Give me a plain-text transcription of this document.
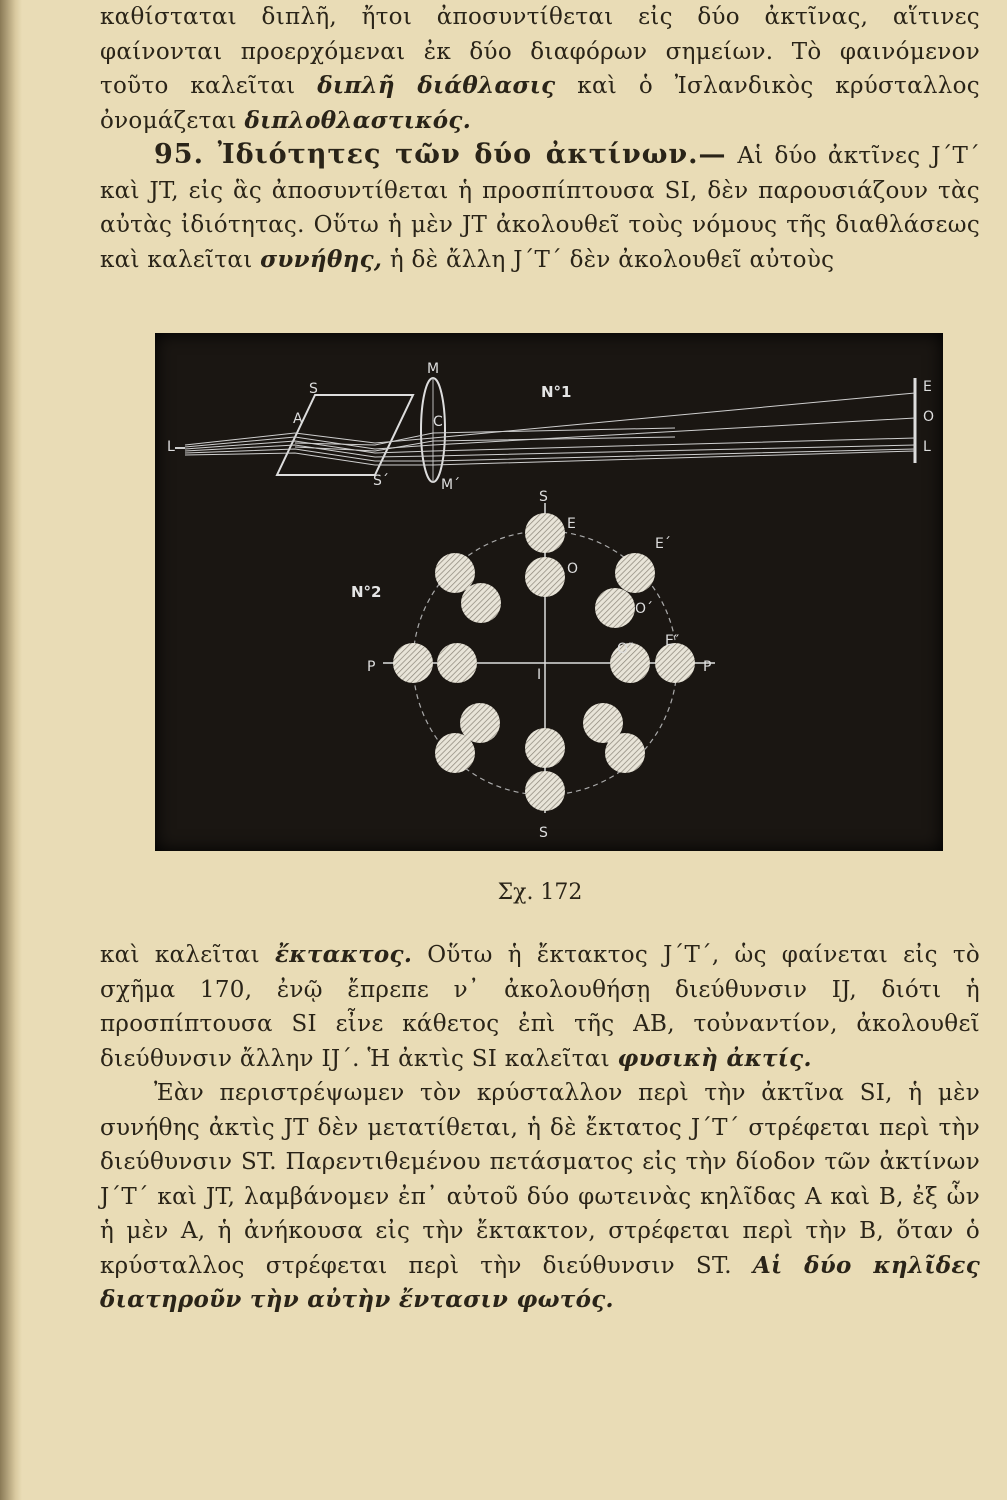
καθίσταται διπλῆ, ἤτοι ἀποσυντίθεται εἰς δύο ἀκτῖνας, αἵτινες φαίνονται προερχόμεναι ἐκ δύο διαφόρων σημείων. Τὸ φαινόμενον τοῦτο καλεῖται διπλῆ διάθλασις καὶ ὁ Ἰσλανδικὸς κρύσταλλος ὀνομάζεται διπλοθλαστικός.

95. Ἰδιότητες τῶν δύο ἀκτίνων.— Αἱ δύο ἀκτῖνες J΄T΄ καὶ JT, εἰς ἃς ἀποσυντίθεται ἡ προσπίπτουσα SI, δὲν παρουσιάζουν τὰς αὐτὰς ἰδιότητας. Οὕτω ἡ μὲν JT ἀκολουθεῖ τοὺς νόμους τῆς διαθλάσεως καὶ καλεῖται συνήθης, ἡ δὲ ἄλλη J΄T΄ δὲν ἀκολουθεῖ αὐτοὺς

L
S
A
S΄
M
C
M΄
Ν°1	E
O
L
S
S
E
O
E΄
O΄
O″ E″
P
P	I
Ν°2
Σχ. 172

καὶ καλεῖται ἔκτακτος. Οὕτω ἡ ἔκτακτος J΄T΄, ὡς φαίνεται εἰς τὸ σχῆμα 170, ἐνῷ ἔπρεπε ν᾽ ἀκολουθήσῃ διεύθυνσιν IJ, διότι ἡ προσπίπτουσα SI εἶνε κάθετος ἐπὶ τῆς AB, τοὐναντίον, ἀκολουθεῖ διεύθυνσιν ἄλλην IJ΄. Ἡ ἀκτὶς SI καλεῖται φυσικὴ ἀκτίς.

Ἐὰν περιστρέψωμεν τὸν κρύσταλλον περὶ τὴν ἀκτῖνα SI, ἡ μὲν συνήθης ἀκτὶς JT δὲν μετατίθεται, ἡ δὲ ἔκτατος J΄T΄ στρέφεται περὶ τὴν διεύθυνσιν ST. Παρεντιθεμένου πετάσματος εἰς τὴν δίοδον τῶν ἀκτίνων J΄T΄ καὶ JT, λαμβάνομεν ἐπ᾽ αὐτοῦ δύο φωτεινὰς κηλῖδας A καὶ B, ἐξ ὧν ἡ μὲν A, ἡ ἀνήκουσα εἰς τὴν ἔκτακτον, στρέφεται περὶ τὴν B, ὅταν ὁ κρύσταλλος στρέφεται περὶ τὴν διεύθυνσιν ST. Αἱ δύο κηλῖδες διατηροῦν τὴν αὐτὴν ἔντασιν φωτός.
